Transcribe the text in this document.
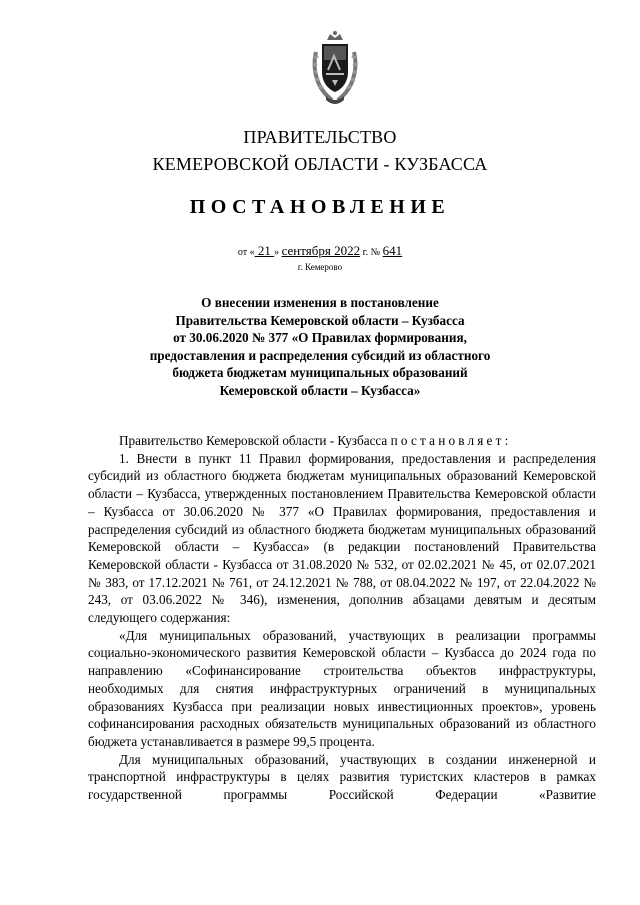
ПРАВИТЕЛЬСТВО
КЕМЕРОВСКОЙ ОБЛАСТИ - КУЗБАССА
ПОСТАНОВЛЕНИЕ
от « 21 » сентября 2022 г. № 641
г. Кемерово
О внесении изменения в постановление
Правительства Кемеровской области – Кузбасса
от 30.06.2020 № 377 «О Правилах формирования,
предоставления и распределения субсидий из областного
бюджета бюджетам муниципальных образований
Кемеровской области – Кузбасса»

Правительство Кемеровской области - Кузбасса постановляет:

1. Внести в пункт 11 Правил формирования, предоставления и распределения субсидий из областного бюджета бюджетам муниципальных образований Кемеровской области – Кузбасса, утвержденных постановлением Правительства Кемеровской области – Кузбасса от 30.06.2020 № 377 «О Правилах формирования, предоставления и распределения субсидий из областного бюджета бюджетам муниципальных образований Кемеровской области – Кузбасса» (в редакции постановлений Правительства Кемеровской области - Кузбасса от 31.08.2020 № 532, от 02.02.2021 № 45, от 02.07.2021 № 383, от 17.12.2021 № 761, от 24.12.2021 № 788, от 08.04.2022 № 197, от 22.04.2022 № 243, от 03.06.2022 № 346), изменения, дополнив абзацами девятым и десятым следующего содержания:

«Для муниципальных образований, участвующих в реализации программы социально-экономического развития Кемеровской области – Кузбасса до 2024 года по направлению «Софинансирование строительства объектов инфраструктуры, необходимых для снятия инфраструктурных ограничений в муниципальных образованиях Кузбасса при реализации новых инвестиционных проектов», уровень софинансирования расходных обязательств муниципальных образований из областного бюджета устанавливается в размере 99,5 процента.

Для муниципальных образований, участвующих в создании инженерной и транспортной инфраструктуры в целях развития туристских кластеров в рамках государственной программы Российской Федерации «Развитие
